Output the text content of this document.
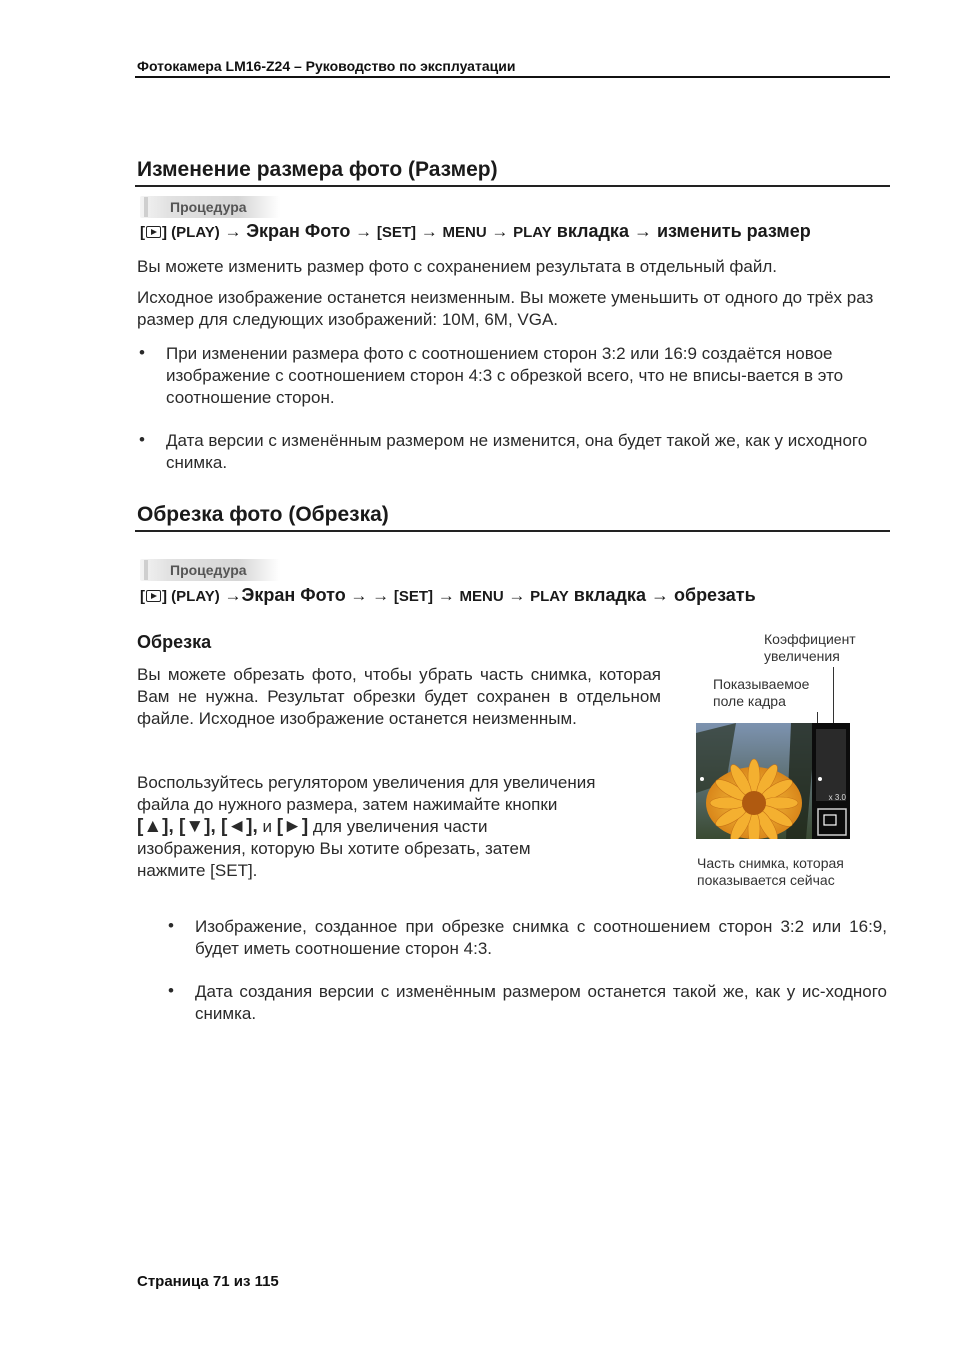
Фотокамера LM16-Z24 – Руководство по эксплуатации
Изменение размера фото (Размер)
Процедура
[ ] (PLAY) → Экран Фото → [SET] → MENU → PLAY вкладка → изменить размер
Вы можете изменить размер фото с сохранением результата в отдельный файл.
Исходное изображение останется неизменным. Вы можете уменьшить от одного до трёх раз размер для следующих изображений: 10M, 6M, VGA.
• При изменении размера фото с соотношением сторон 3:2 или 16:9 создаётся новое изображение с соотношением сторон 4:3 с обрезкой всего, что не вписы-вается в это соотношение сторон.
• Дата версии с изменённым размером не изменится, она будет такой же, как у исходного снимка.
Обрезка фото (Обрезка)
Процедура
[ ] (PLAY) →Экран Фото → → [SET] → MENU → PLAY вкладка → обрезать
Обрезка
Вы можете обрезать фото, чтобы убрать часть снимка, которая Вам не нужна. Результат обрезки будет сохранен в отдельном файле. Исходное изображение останется неизменным.
Воспользуйтесь регулятором увеличения для увеличения
файла до нужного размера, затем нажимайте кнопки
[▲], [▼], [◄], и [►] для увеличения части
изображения, которую Вы хотите обрезать, затем
нажмите [SET].
Коэффициент
увеличения
Показываемое
поле кадра
x 3.0
Часть снимка, которая
показывается сейчас
• Изображение, созданное при обрезке снимка с соотношением сторон 3:2 или 16:9, будет иметь соотношение сторон 4:3.
• Дата создания версии с изменённым размером останется такой же, как у ис-ходного снимка.
Страница 71 из 115
